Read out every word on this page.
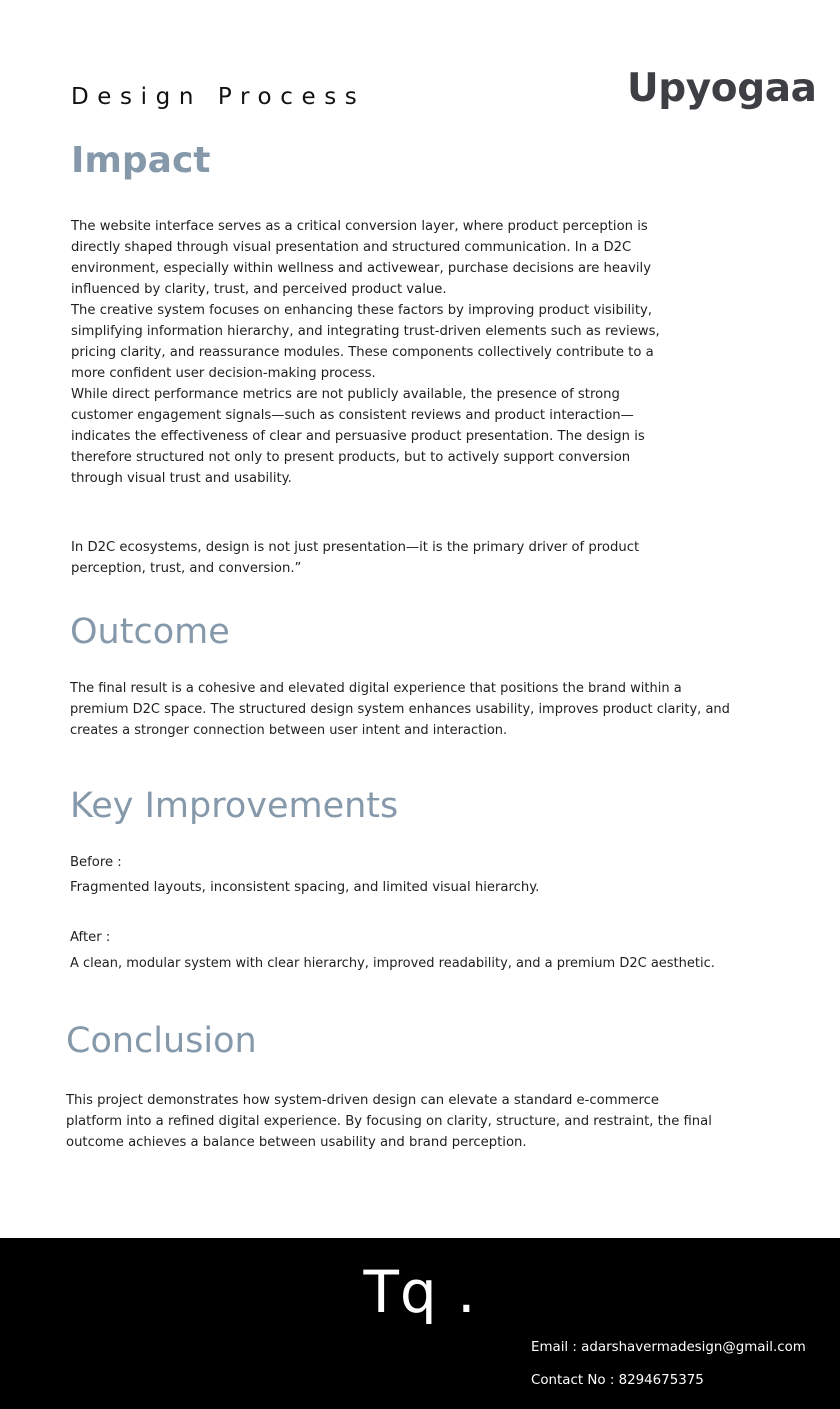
Design Process	Upyogaa
Impact
The website interface serves as a critical conversion layer, where product perception is
directly shaped through visual presentation and structured communication. In a D2C
environment, especially within wellness and activewear, purchase decisions are heavily
influenced by clarity, trust, and perceived product value.
The creative system focuses on enhancing these factors by improving product visibility,
simplifying information hierarchy, and integrating trust-driven elements such as reviews,
pricing clarity, and reassurance modules. These components collectively contribute to a
more confident user decision-making process.
While direct performance metrics are not publicly available, the presence of strong
customer engagement signals—such as consistent reviews and product interaction—
indicates the effectiveness of clear and persuasive product presentation. The design is
therefore structured not only to present products, but to actively support conversion
through visual trust and usability.
In D2C ecosystems, design is not just presentation—it is the primary driver of product
perception, trust, and conversion.”
Outcome
The final result is a cohesive and elevated digital experience that positions the brand within a
premium D2C space. The structured design system enhances usability, improves product clarity, and
creates a stronger connection between user intent and interaction.
Key Improvements
Before :
Fragmented layouts, inconsistent spacing, and limited visual hierarchy.
After :
A clean, modular system with clear hierarchy, improved readability, and a premium D2C aesthetic.
Conclusion
This project demonstrates how system-driven design can elevate a standard e-commerce
platform into a refined digital experience. By focusing on clarity, structure, and restraint, the final
outcome achieves a balance between usability and brand perception.
Tq .
Email : adarshavermadesign@gmail.com
Contact No : 8294675375
